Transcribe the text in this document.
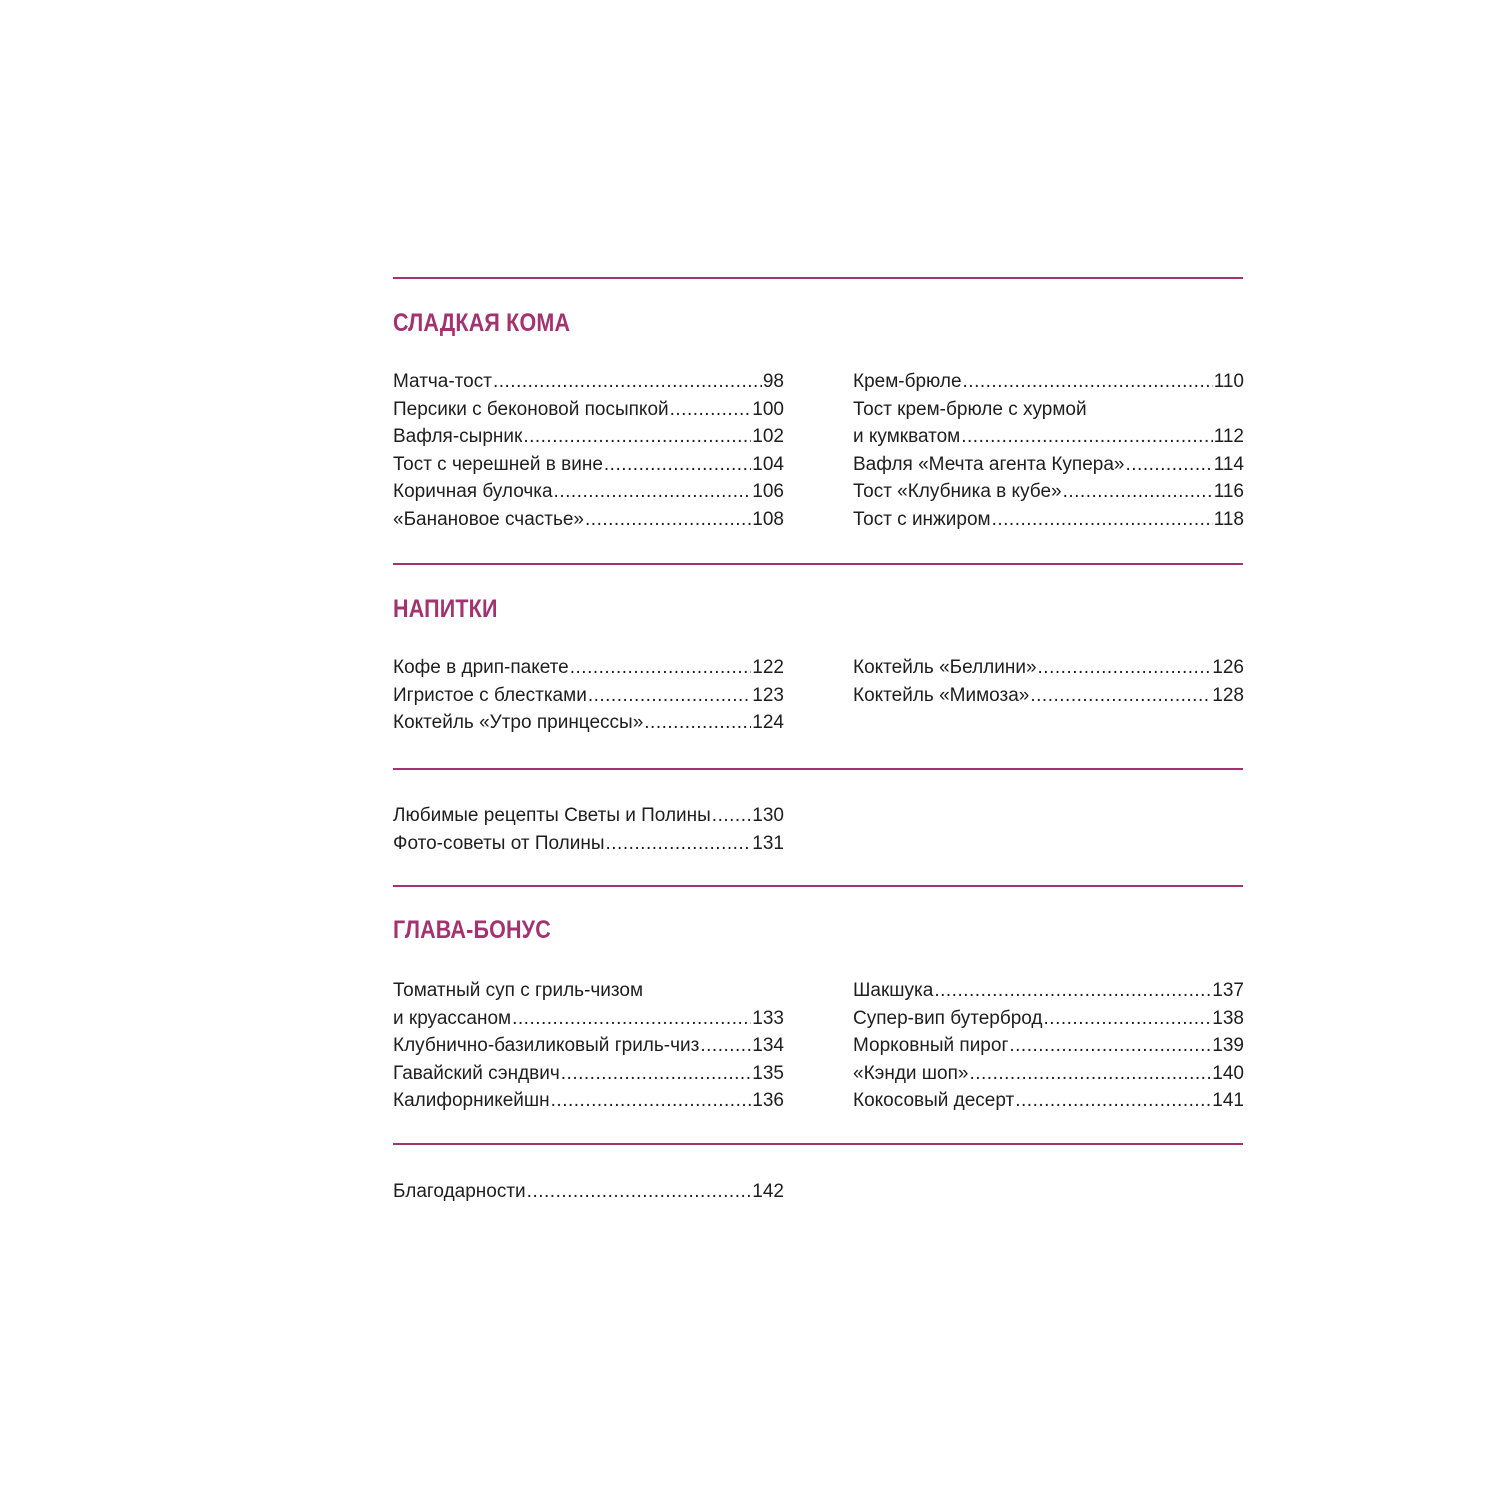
СЛАДКАЯ КОМА
Матча-тост .....	98
Персики с беконовой посыпкой .....	100
Вафля-сырник .....	102
Тост с черешней в вине .....	104
Коричная булочка .....	106
«Банановое счастье» .....	108
Крем-брюле .....	110
Тост крем-брюле с хурмой
и кумкватом .....	112
Вафля «Мечта агента Купера» .....	114
Тост «Клубника в кубе» .....	116
Тост с инжиром .....	118
НАПИТКИ
Кофе в дрип-пакете .....	122
Игристое с блестками .....	123
Коктейль «Утро принцессы» .....	124
Коктейль «Беллини» .....	126
Коктейль «Мимоза» .....	128
Любимые рецепты Светы и Полины ..... 130
Фото-советы от Полины .....	131
ГЛАВА-БОНУС
Томатный суп с гриль-чизом
и круассаном .....	133
Клубнично-базиликовый гриль-чиз .....	134
Гавайский сэндвич .....	135
Калифорникейшн .....	136
Шакшука .....	137
Супер-вип бутерброд .....	138
Морковный пирог .....	139
«Кэнди шоп» .....	140
Кокосовый десерт .....	141
Благодарности .....	142
